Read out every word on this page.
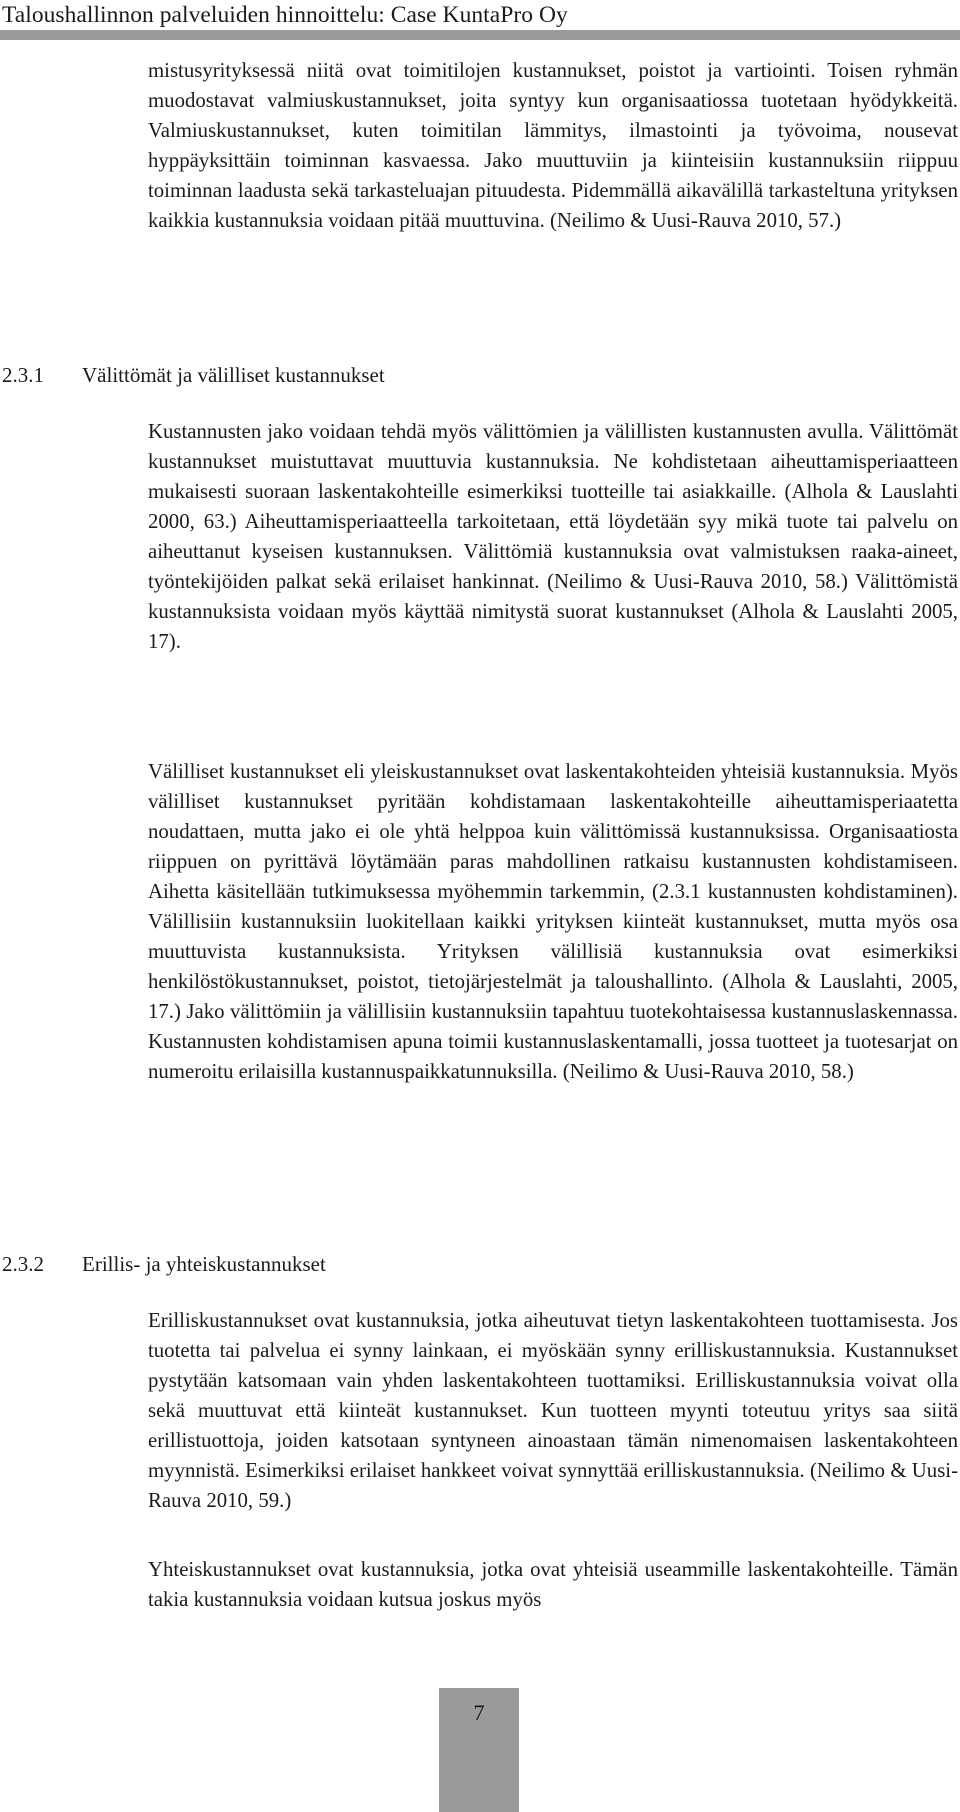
Taloushallinnon palveluiden hinnoittelu: Case KuntaPro Oy

mistusyrityksessä niitä ovat toimitilojen kustannukset, poistot ja vartiointi. Toisen ryhmän muodostavat valmiuskustannukset, joita syntyy kun organisaatiossa tuotetaan hyödykkeitä. Valmiuskustannukset, kuten toimitilan lämmitys, ilmastointi ja työvoima, nousevat hyppäyksittäin toiminnan kasvaessa. Jako muuttuviin ja kiinteisiin kustannuksiin riippuu toiminnan laadusta sekä tarkasteluajan pituudesta. Pidemmällä aikavälillä tarkasteltuna yrityksen kaikkia kustannuksia voidaan pitää muuttuvina. (Neilimo & Uusi-Rauva 2010, 57.)

2.3.1 Välittömät ja välilliset kustannukset

Kustannusten jako voidaan tehdä myös välittömien ja välillisten kustannusten avulla. Välittömät kustannukset muistuttavat muuttuvia kustannuksia. Ne kohdistetaan aiheuttamisperiaatteen mukaisesti suoraan laskentakohteille esimerkiksi tuotteille tai asiakkaille. (Alhola & Lauslahti 2000, 63.) Aiheuttamisperiaatteella tarkoitetaan, että löydetään syy mikä tuote tai palvelu on aiheuttanut kyseisen kustannuksen. Välittömiä kustannuksia ovat valmistuksen raaka-aineet, työntekijöiden palkat sekä erilaiset hankinnat. (Neilimo & Uusi-Rauva 2010, 58.) Välittömistä kustannuksista voidaan myös käyttää nimitystä suorat kustannukset (Alhola & Lauslahti 2005, 17).

Välilliset kustannukset eli yleiskustannukset ovat laskentakohteiden yhteisiä kustannuksia. Myös välilliset kustannukset pyritään kohdistamaan laskentakohteille aiheuttamisperiaatetta noudattaen, mutta jako ei ole yhtä helppoa kuin välittömissä kustannuksissa. Organisaatiosta riippuen on pyrittävä löytämään paras mahdollinen ratkaisu kustannusten kohdistamiseen. Aihetta käsitellään tutkimuksessa myöhemmin tarkemmin, (2.3.1 kustannusten kohdistaminen). Välillisiin kustannuksiin luokitellaan kaikki yrityksen kiinteät kustannukset, mutta myös osa muuttuvista kustannuksista. Yrityksen välillisiä kustannuksia ovat esimerkiksi henkilöstökustannukset, poistot, tietojärjestelmät ja taloushallinto. (Alhola & Lauslahti, 2005, 17.) Jako välittömiin ja välillisiin kustannuksiin tapahtuu tuotekohtaisessa kustannuslaskennassa. Kustannusten kohdistamisen apuna toimii kustannuslaskentamalli, jossa tuotteet ja tuotesarjat on numeroitu erilaisilla kustannuspaikkatunnuksilla. (Neilimo & Uusi-Rauva 2010, 58.)

2.3.2 Erillis- ja yhteiskustannukset

Erilliskustannukset ovat kustannuksia, jotka aiheutuvat tietyn laskentakohteen tuottamisesta. Jos tuotetta tai palvelua ei synny lainkaan, ei myöskään synny erilliskustannuksia. Kustannukset pystytään katsomaan vain yhden laskentakohteen tuottamiksi. Erilliskustannuksia voivat olla sekä muuttuvat että kiinteät kustannukset. Kun tuotteen myynti toteutuu yritys saa siitä erillistuottoja, joiden katsotaan syntyneen ainoastaan tämän nimenomaisen laskentakohteen myynnistä. Esimerkiksi erilaiset hankkeet voivat synnyttää erilliskustannuksia. (Neilimo & Uusi-Rauva 2010, 59.)

Yhteiskustannukset ovat kustannuksia, jotka ovat yhteisiä useammille laskentakohteille. Tämän takia kustannuksia voidaan kutsua joskus myös

7
